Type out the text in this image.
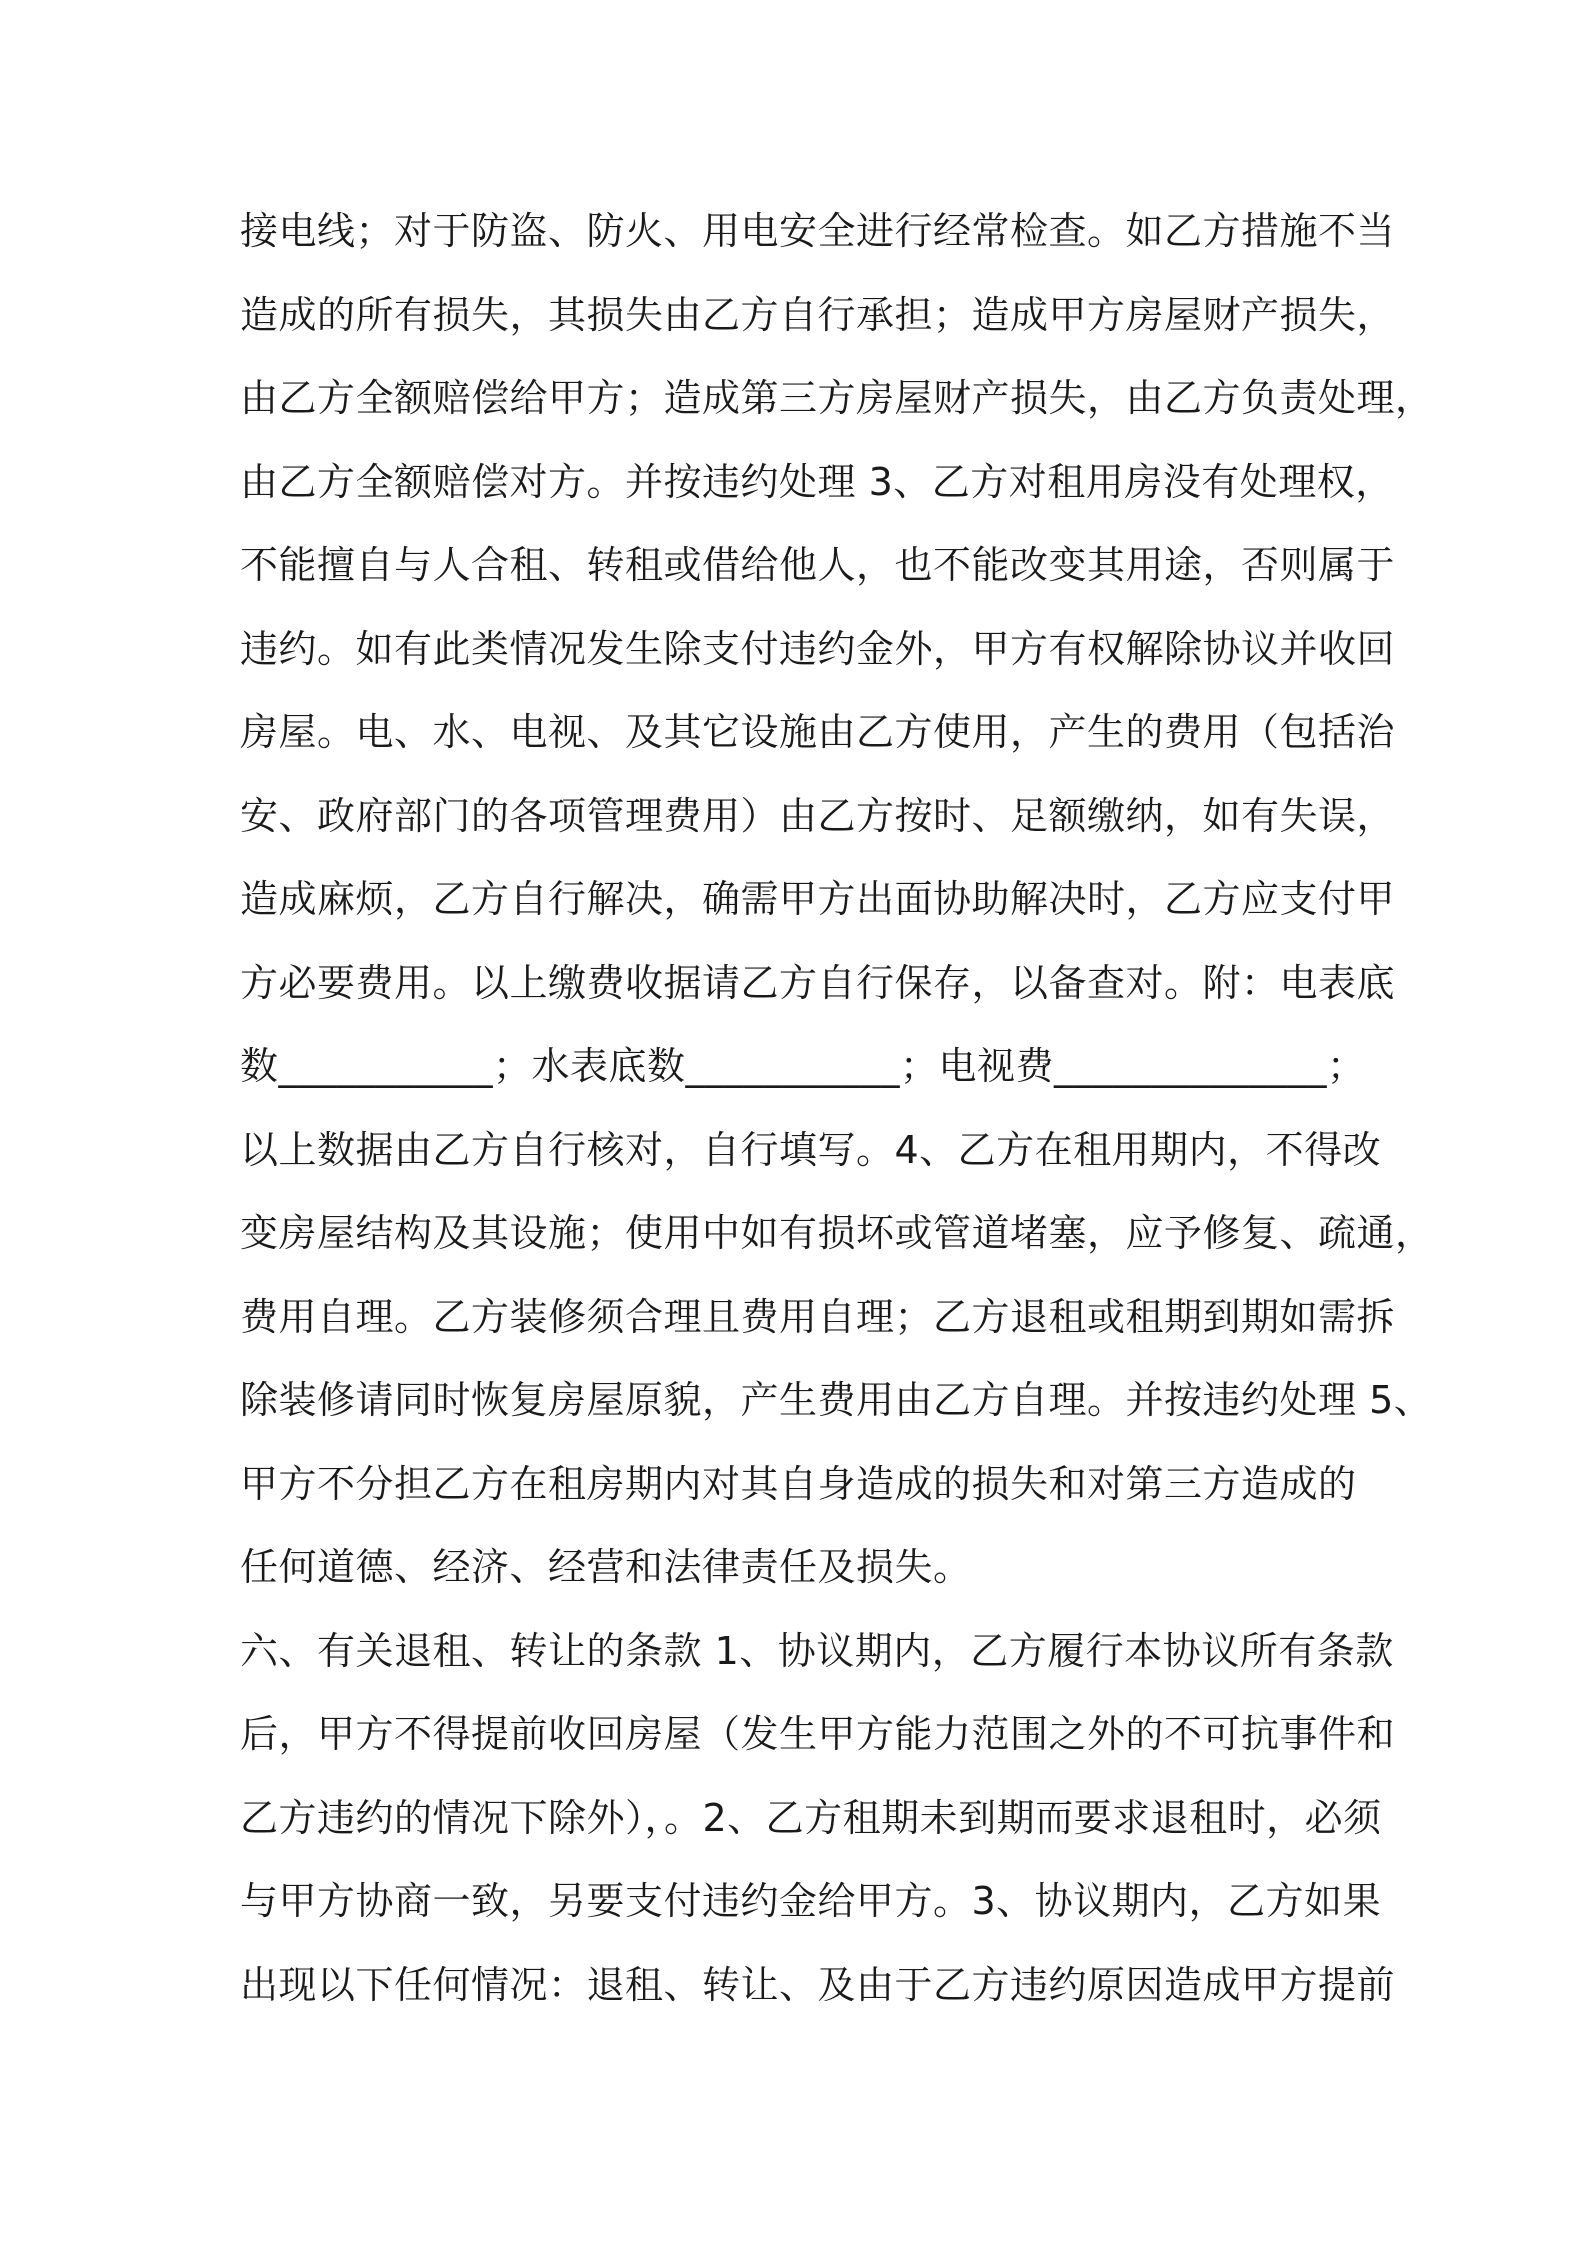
接电线；对于防盗、防火、用电安全进行经常检查。如乙方措施不当
造成的所有损失，其损失由乙方自行承担；造成甲方房屋财产损失，
由乙方全额赔偿给甲方；造成第三方房屋财产损失，由乙方负责处理，
由乙方全额赔偿对方。并按违约处理 3、乙方对租用房没有处理权，
不能擅自与人合租、转租或借给他人，也不能改变其用途，否则属于
违约。如有此类情况发生除支付违约金外，甲方有权解除协议并收回
房屋。电、水、电视、及其它设施由乙方使用，产生的费用（包括治
安、政府部门的各项管理费用）由乙方按时、足额缴纳，如有失误，
造成麻烦，乙方自行解决，确需甲方出面协助解决时，乙方应支付甲
方必要费用。以上缴费收据请乙方自行保存，以备查对。附：电表底
数___________；水表底数___________；电视费______________；
以上数据由乙方自行核对，自行填写。4、乙方在租用期内，不得改
变房屋结构及其设施；使用中如有损坏或管道堵塞，应予修复、疏通，
费用自理。乙方装修须合理且费用自理；乙方退租或租期到期如需拆
除装修请同时恢复房屋原貌，产生费用由乙方自理。并按违约处理 5、
甲方不分担乙方在租房期内对其自身造成的损失和对第三方造成的
任何道德、经济、经营和法律责任及损失。
六、有关退租、转让的条款 1、协议期内，乙方履行本协议所有条款
后，甲方不得提前收回房屋（发生甲方能力范围之外的不可抗事件和
乙方违约的情况下除外），。2、乙方租期未到期而要求退租时，必须
与甲方协商一致，另要支付违约金给甲方。3、协议期内，乙方如果
出现以下任何情况：退租、转让、及由于乙方违约原因造成甲方提前
